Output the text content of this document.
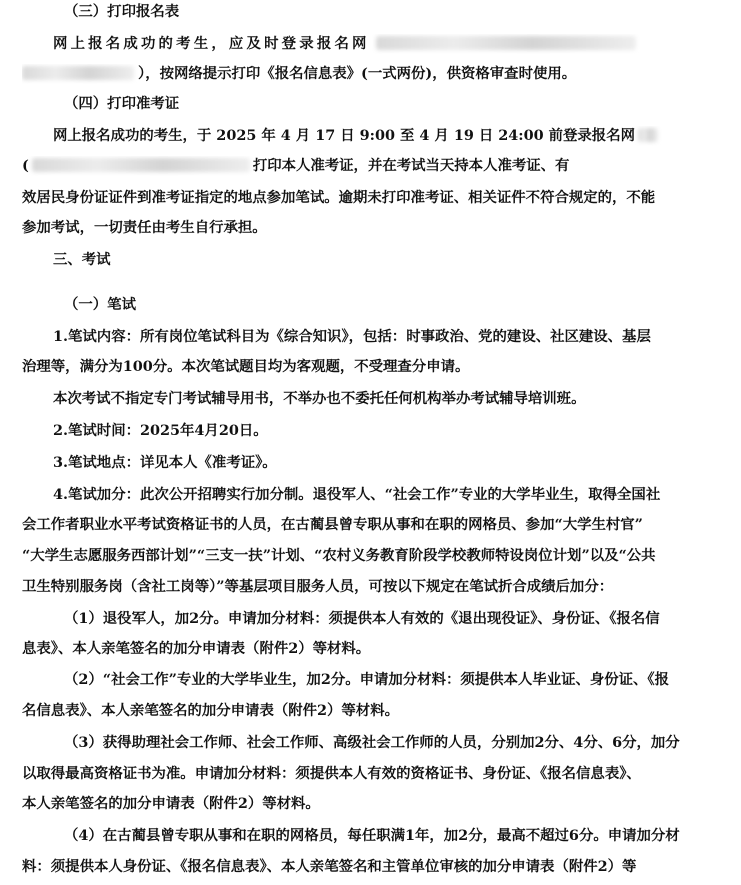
（三）打印报名表
网上报名成功的考生，应及时登录报名网
），按网络提示打印《报名信息表》(一式两份)，供资格审查时使用。
（四）打印准考证
网上报名成功的考生，于 2025 年 4 月 17 日 9:00 至 4 月 19 日 24:00 前登录报名网
(	打印本人准考证，并在考试当天持本人准考证、有
效居民身份证证件到准考证指定的地点参加笔试。逾期未打印准考证、相关证件不符合规定的，不能
参加考试，一切责任由考生自行承担。
三、考试
（一）笔试
1.笔试内容：所有岗位笔试科目为《综合知识》，包括：时事政治、党的建设、社区建设、基层
治理等，满分为100分。本次笔试题目均为客观题，不受理查分申请。
本次考试不指定专门考试辅导用书，不举办也不委托任何机构举办考试辅导培训班。
2.笔试时间：2025年4月20日。
3.笔试地点：详见本人《准考证》。
4.笔试加分：此次公开招聘实行加分制。退役军人、“社会工作”专业的大学毕业生，取得全国社
会工作者职业水平考试资格证书的人员，在古蔺县曾专职从事和在职的网格员、参加“大学生村官”
“大学生志愿服务西部计划”“三支一扶”计划、“农村义务教育阶段学校教师特设岗位计划”以及“公共
卫生特别服务岗（含社工岗等）”等基层项目服务人员，可按以下规定在笔试折合成绩后加分：
（1）退役军人，加2分。申请加分材料：须提供本人有效的《退出现役证》、身份证、《报名信
息表》、本人亲笔签名的加分申请表（附件2）等材料。
（2）“社会工作”专业的大学毕业生，加2分。申请加分材料：须提供本人毕业证、身份证、《报
名信息表》、本人亲笔签名的加分申请表（附件2）等材料。
（3）获得助理社会工作师、社会工作师、高级社会工作师的人员，分别加2分、4分、6分，加分
以取得最高资格证书为准。申请加分材料：须提供本人有效的资格证书、身份证、《报名信息表》、
本人亲笔签名的加分申请表（附件2）等材料。
（4）在古蔺县曾专职从事和在职的网格员，每任职满1年，加2分，最高不超过6分。申请加分材
料：须提供本人身份证、《报名信息表》、本人亲笔签名和主管单位审核的加分申请表（附件2）等
